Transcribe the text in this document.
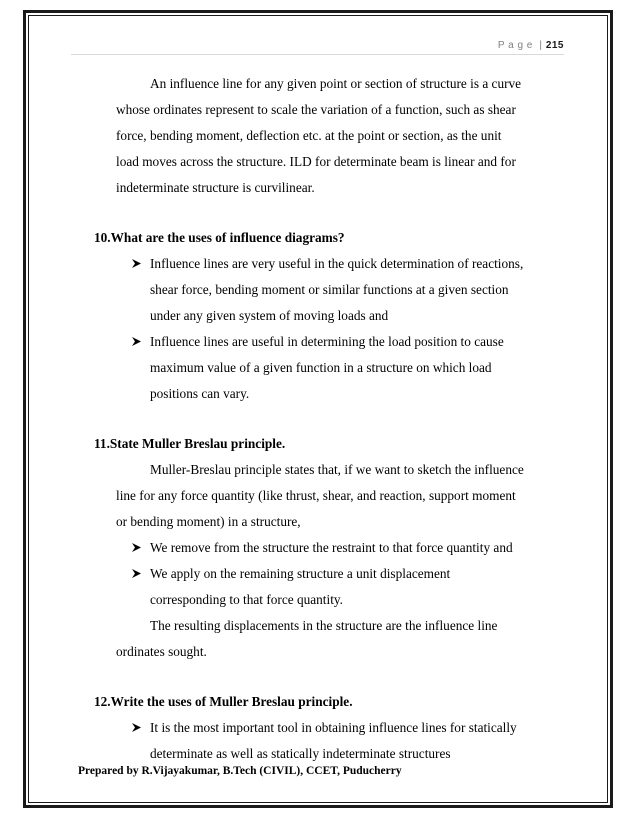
P a g e | 215
An influence line for any given point or section of structure is a curve
whose ordinates represent to scale the variation of a function, such as shear
force, bending moment, deflection etc. at the point or section, as the unit
load moves across the structure. ILD for determinate beam is linear and for
indeterminate structure is curvilinear.
10.What are the uses of influence diagrams?
Influence lines are very useful in the quick determination of reactions,
shear force, bending moment or similar functions at a given section
under any given system of moving loads and
Influence lines are useful in determining the load position to cause
maximum value of a given function in a structure on which load
positions can vary.
11.State Muller Breslau principle.
Muller-Breslau principle states that, if we want to sketch the influence
line for any force quantity (like thrust, shear, and reaction, support moment
or bending moment) in a structure,
We remove from the structure the restraint to that force quantity and
We apply on the remaining structure a unit displacement
corresponding to that force quantity.
The resulting displacements in the structure are the influence line
ordinates sought.
12.Write the uses of Muller Breslau principle.
It is the most important tool in obtaining influence lines for statically
determinate as well as statically indeterminate structures
Prepared by R.Vijayakumar, B.Tech (CIVIL), CCET, Puducherry
